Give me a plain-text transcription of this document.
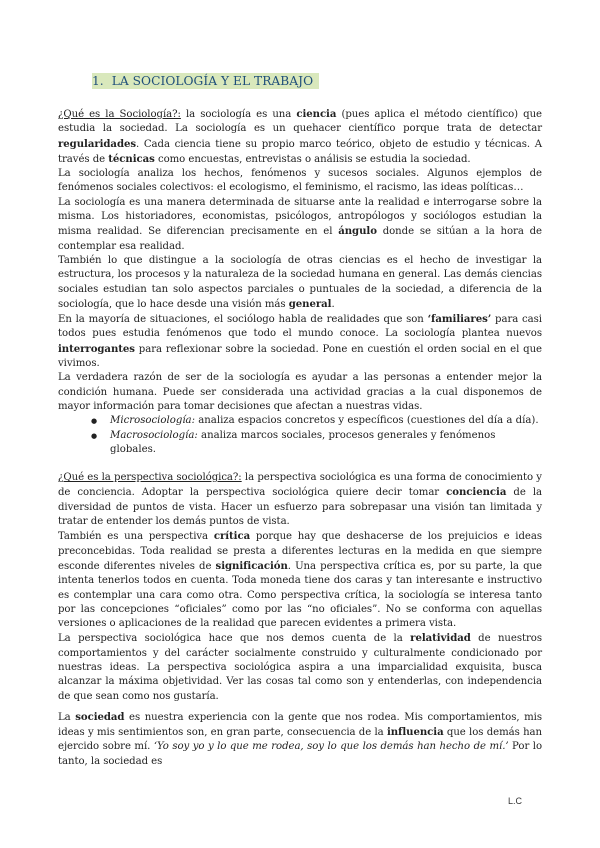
1. LA SOCIOLOGÍA Y EL TRABAJO

¿Qué es la Sociología?: la sociología es una ciencia (pues aplica el método científico) que estudia la sociedad. La sociología es un quehacer científico porque trata de detectar regularidades. Cada ciencia tiene su propio marco teórico, objeto de estudio y técnicas. A través de técnicas como encuestas, entrevistas o análisis se estudia la sociedad.

La sociología analiza los hechos, fenómenos y sucesos sociales. Algunos ejemplos de fenómenos sociales colectivos: el ecologismo, el feminismo, el racismo, las ideas políticas…

La sociología es una manera determinada de situarse ante la realidad e interrogarse sobre la misma. Los historiadores, economistas, psicólogos, antropólogos y sociólogos estudian la misma realidad. Se diferencian precisamente en el ángulo donde se sitúan a la hora de contemplar esa realidad.

También lo que distingue a la sociología de otras ciencias es el hecho de investigar la estructura, los procesos y la naturaleza de la sociedad humana en general. Las demás ciencias sociales estudian tan solo aspectos parciales o puntuales de la sociedad, a diferencia de la sociología, que lo hace desde una visión más general.

En la mayoría de situaciones, el sociólogo habla de realidades que son ‘familiares’ para casi todos pues estudia fenómenos que todo el mundo conoce. La sociología plantea nuevos interrogantes para reflexionar sobre la sociedad. Pone en cuestión el orden social en el que vivimos.

La verdadera razón de ser de la sociología es ayudar a las personas a entender mejor la condición humana. Puede ser considerada una actividad gracias a la cual disponemos de mayor información para tomar decisiones que afectan a nuestras vidas.

● Microsociología: analiza espacios concretos y específicos (cuestiones del día a día).
● Macrosociología: analiza marcos sociales, procesos generales y fenómenos globales.

¿Qué es la perspectiva sociológica?: la perspectiva sociológica es una forma de conocimiento y de conciencia. Adoptar la perspectiva sociológica quiere decir tomar conciencia de la diversidad de puntos de vista. Hacer un esfuerzo para sobrepasar una visión tan limitada y tratar de entender los demás puntos de vista.

También es una perspectiva crítica porque hay que deshacerse de los prejuicios e ideas preconcebidas. Toda realidad se presta a diferentes lecturas en la medida en que siempre esconde diferentes niveles de significación. Una perspectiva crítica es, por su parte, la que intenta tenerlos todos en cuenta. Toda moneda tiene dos caras y tan interesante e instructivo es contemplar una cara como otra. Como perspectiva crítica, la sociología se interesa tanto por las concepciones “oficiales” como por las “no oficiales”. No se conforma con aquellas versiones o aplicaciones de la realidad que parecen evidentes a primera vista.

La perspectiva sociológica hace que nos demos cuenta de la relatividad de nuestros comportamientos y del carácter socialmente construido y culturalmente condicionado por nuestras ideas. La perspectiva sociológica aspira a una imparcialidad exquisita, busca alcanzar la máxima objetividad. Ver las cosas tal como son y entenderlas, con independencia de que sean como nos gustaría.

La sociedad es nuestra experiencia con la gente que nos rodea. Mis comportamientos, mis ideas y mis sentimientos son, en gran parte, consecuencia de la influencia que los demás han ejercido sobre mí. ‘Yo soy yo y lo que me rodea, soy lo que los demás han hecho de mí.’ Por lo tanto, la sociedad es

L.C
